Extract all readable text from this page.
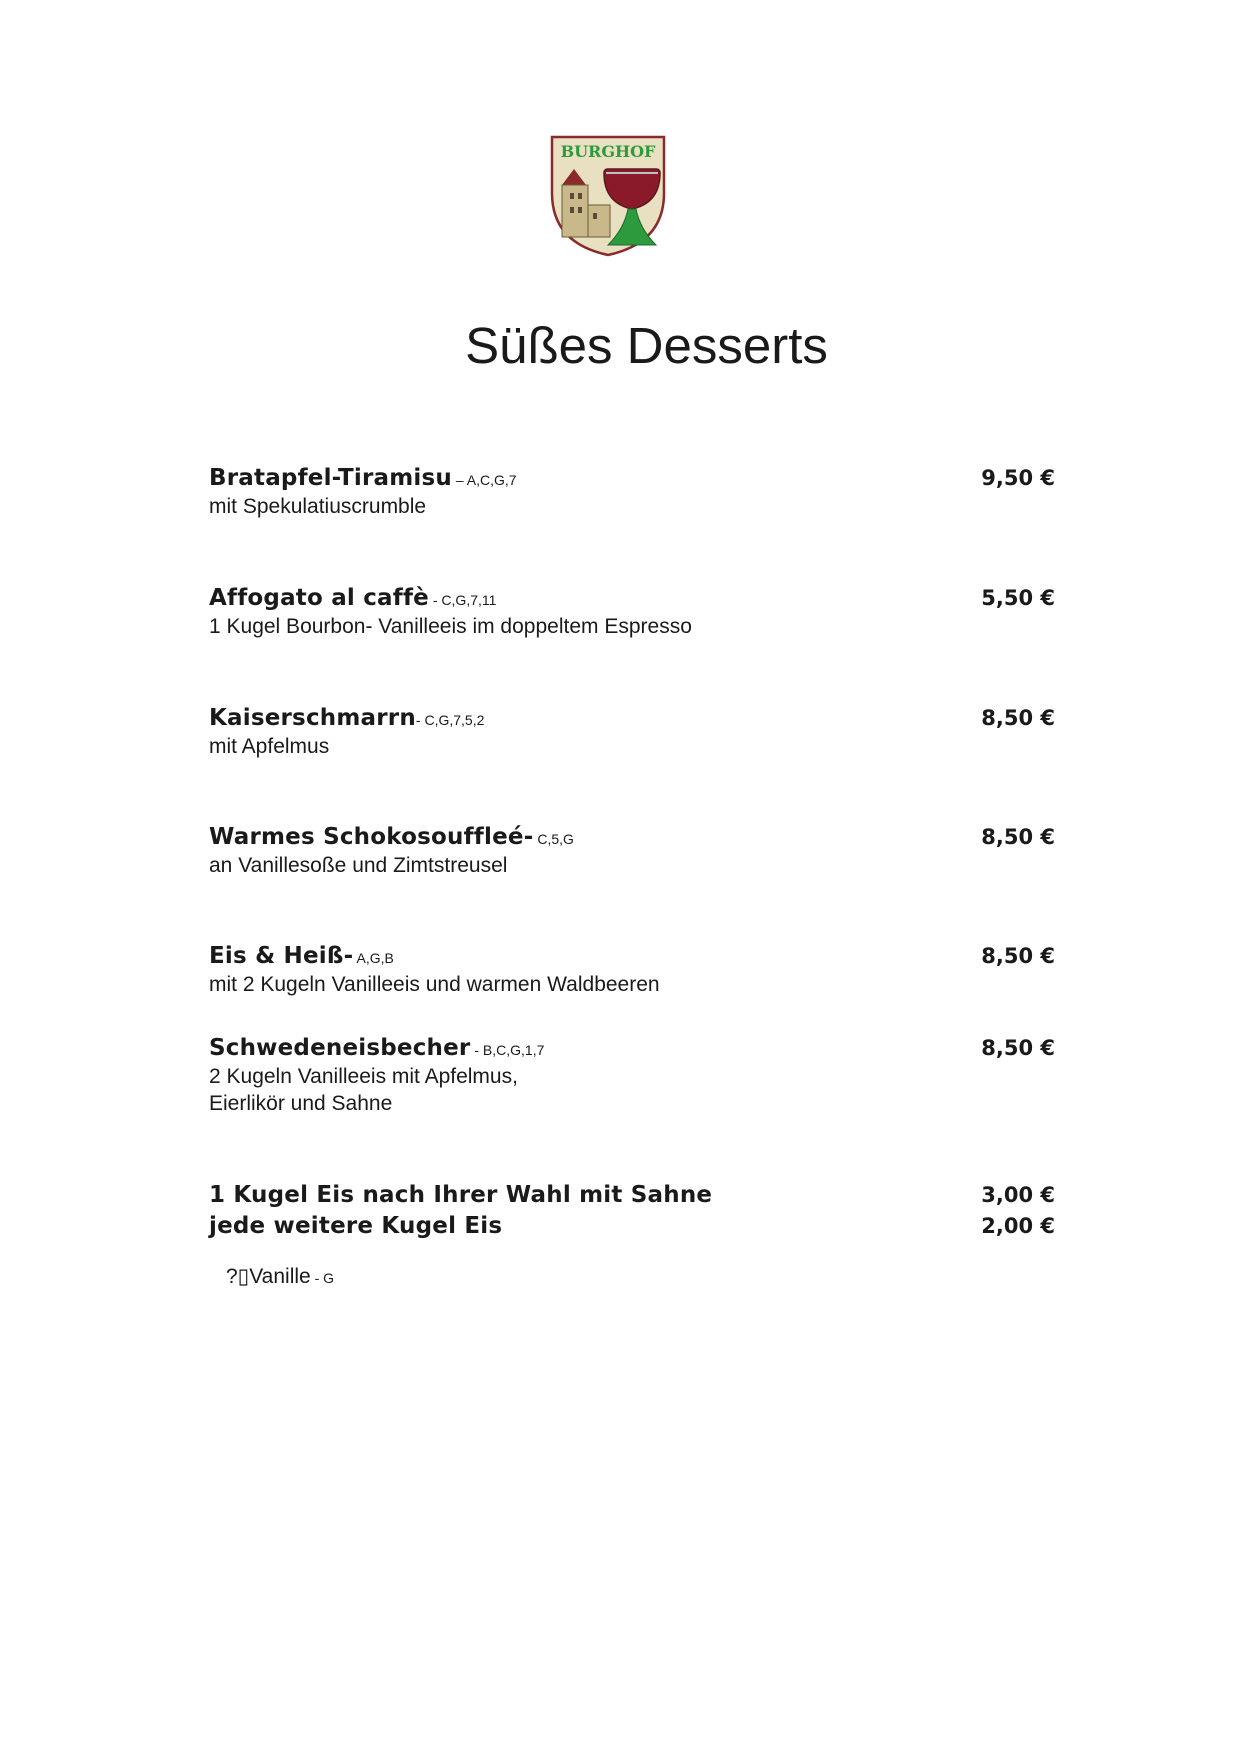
BURGHOF
Süßes Desserts
Bratapfel-Tiramisu – A,C,G,7	9,50 €
mit Spekulatiuscrumble
Affogato al caffè - C,G,7,11	5,50 €
1 Kugel Bourbon- Vanilleeis im doppeltem Espresso
Kaiserschmarrn- C,G,7,5,2	8,50 €
mit Apfelmus
Warmes Schokosouffleé- C,5,G	8,50 €
an Vanillesoße und Zimtstreusel
Eis & Heiß- A,G,B	8,50 €
mit 2 Kugeln Vanilleeis und warmen Waldbeeren
Schwedeneisbecher - B,C,G,1,7	8,50 €
2 Kugeln Vanilleeis mit Apfelmus,
Eierlikör und Sahne
1 Kugel Eis nach Ihrer Wahl mit Sahne	3,00 €
jede weitere Kugel Eis	2,00 €
?▯Vanille - G
